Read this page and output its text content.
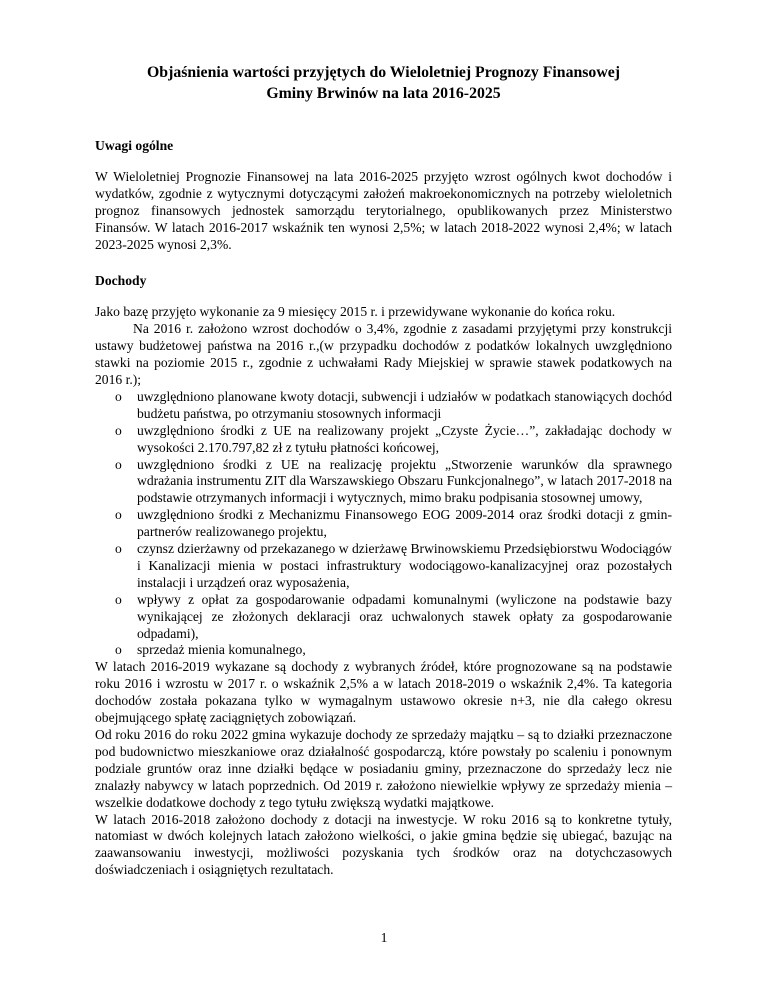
Objaśnienia wartości przyjętych do Wieloletniej Prognozy Finansowej
Gminy Brwinów na lata 2016-2025
Uwagi ogólne

W Wieloletniej Prognozie Finansowej na lata 2016-2025 przyjęto wzrost ogólnych kwot dochodów i wydatków, zgodnie z wytycznymi dotyczącymi założeń makroekonomicznych na potrzeby wieloletnich prognoz finansowych jednostek samorządu terytorialnego, opublikowanych przez Ministerstwo Finansów. W latach 2016-2017 wskaźnik ten wynosi 2,5%; w latach 2018-2022 wynosi 2,4%; w latach 2023-2025 wynosi 2,3%.

Dochody

Jako bazę przyjęto wykonanie za 9 miesięcy 2015 r. i przewidywane wykonanie do końca roku.

Na 2016 r. założono wzrost dochodów o 3,4%, zgodnie z zasadami przyjętymi przy konstrukcji ustawy budżetowej państwa na 2016 r.,(w przypadku dochodów z podatków lokalnych uwzględniono stawki na poziomie 2015 r., zgodnie z uchwałami Rady Miejskiej w sprawie stawek podatkowych na 2016 r.);

o	uwzględniono planowane kwoty dotacji, subwencji i udziałów w podatkach stanowiących dochód budżetu państwa, po otrzymaniu stosownych informacji
o	uwzględniono środki z UE na realizowany projekt „Czyste Życie…”, zakładając dochody w wysokości 2.170.797,82 zł z tytułu płatności końcowej,
o	uwzględniono środki z UE na realizację projektu „Stworzenie warunków dla sprawnego wdrażania instrumentu ZIT dla Warszawskiego Obszaru Funkcjonalnego”, w latach 2017-2018 na podstawie otrzymanych informacji i wytycznych, mimo braku podpisania stosownej umowy,
o	uwzględniono środki z Mechanizmu Finansowego EOG 2009-2014 oraz środki dotacji z gmin-partnerów realizowanego projektu,
o	czynsz dzierżawny od przekazanego w dzierżawę Brwinowskiemu Przedsiębiorstwu Wodociągów i Kanalizacji mienia w postaci infrastruktury wodociągowo-kanalizacyjnej oraz pozostałych instalacji i urządzeń oraz wyposażenia,
o	wpływy z opłat za gospodarowanie odpadami komunalnymi (wyliczone na podstawie bazy wynikającej ze złożonych deklaracji oraz uchwalonych stawek opłaty za gospodarowanie odpadami),
o	sprzedaż mienia komunalnego,

W latach 2016-2019 wykazane są dochody z wybranych źródeł, które prognozowane są na podstawie roku 2016 i wzrostu w 2017 r. o wskaźnik 2,5% a w latach 2018-2019 o wskaźnik 2,4%. Ta kategoria dochodów została pokazana tylko w wymagalnym ustawowo okresie n+3, nie dla całego okresu obejmującego spłatę zaciągniętych zobowiązań.

Od roku 2016 do roku 2022 gmina wykazuje dochody ze sprzedaży majątku – są to działki przeznaczone pod budownictwo mieszkaniowe oraz działalność gospodarczą, które powstały po scaleniu i ponownym podziale gruntów oraz inne działki będące w posiadaniu gminy, przeznaczone do sprzedaży lecz nie znalazły nabywcy w latach poprzednich. Od 2019 r. założono niewielkie wpływy ze sprzedaży mienia – wszelkie dodatkowe dochody z tego tytułu zwiększą wydatki majątkowe.

W latach 2016-2018 założono dochody z dotacji na inwestycje. W roku 2016 są to konkretne tytuły, natomiast w dwóch kolejnych latach założono wielkości, o jakie gmina będzie się ubiegać, bazując na zaawansowaniu inwestycji, możliwości pozyskania tych środków oraz na dotychczasowych doświadczeniach i osiągniętych rezultatach.

1
